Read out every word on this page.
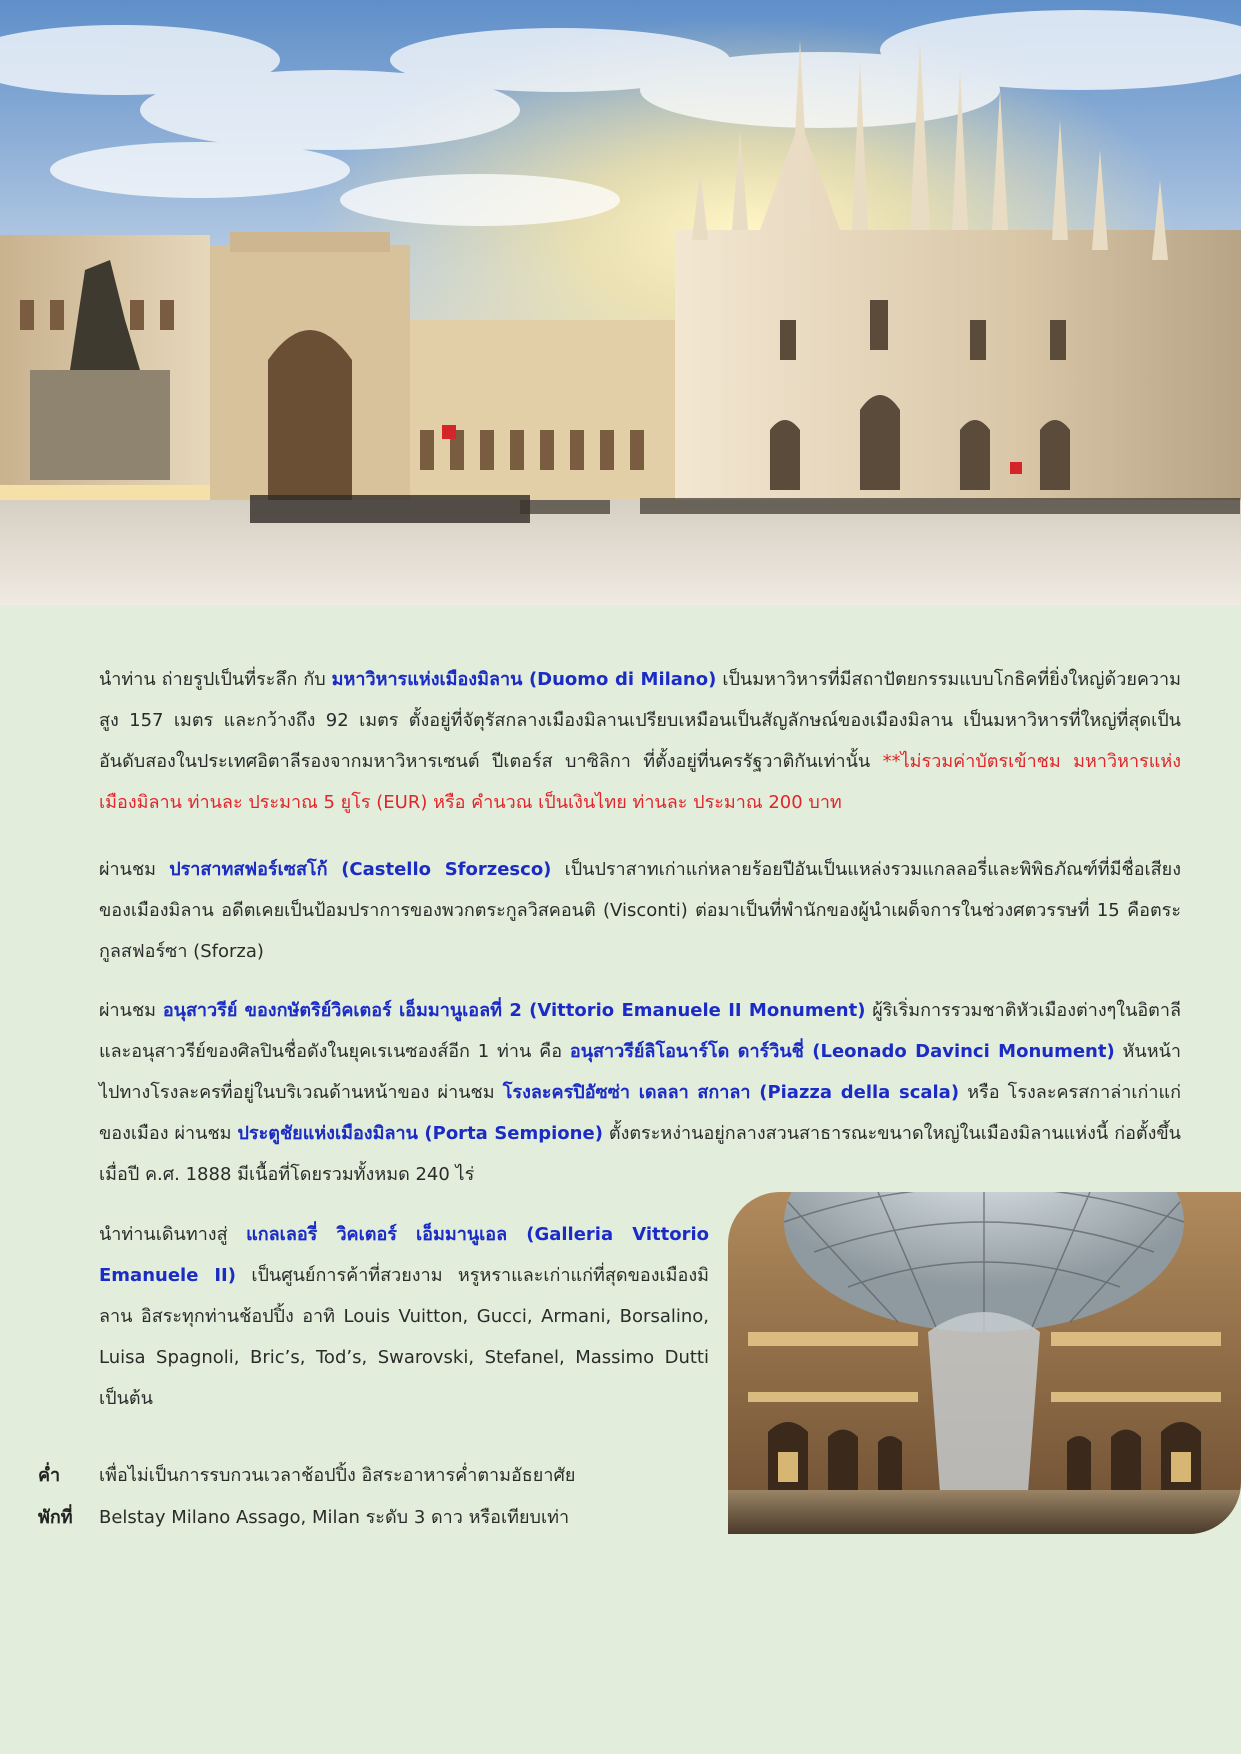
นำท่าน ถ่ายรูปเป็นที่ระลึก กับ มหาวิหารแห่งเมืองมิลาน (Duomo di Milano) เป็นมหาวิหารที่มีสถาปัตยกรรมแบบโกธิคที่ยิ่งใหญ่ด้วยความสูง 157 เมตร และกว้างถึง 92 เมตร ตั้งอยู่ที่จัตุรัสกลางเมืองมิลานเปรียบเหมือนเป็นสัญลักษณ์ของเมืองมิลาน เป็นมหาวิหารที่ใหญ่ที่สุดเป็นอันดับสองในประเทศอิตาลีรองจากมหาวิหารเซนต์ ปีเตอร์ส บาซิลิกา ที่ตั้งอยู่ที่นครรัฐวาติกันเท่านั้น **ไม่รวมค่าบัตรเข้าชม มหาวิหารแห่งเมืองมิลาน ท่านละ ประมาณ 5 ยูโร (EUR) หรือ คำนวณ เป็นเงินไทย ท่านละ ประมาณ 200 บาท

ผ่านชม ปราสาทสฟอร์เซสโก้ (Castello Sforzesco) เป็นปราสาทเก่าแก่หลายร้อยปีอันเป็นแหล่งรวมแกลลอรี่และพิพิธภัณฑ์ที่มีชื่อเสียงของเมืองมิลาน อดีตเคยเป็นป้อมปราการของพวกตระกูลวิสคอนติ (Visconti) ต่อมาเป็นที่พำนักของผู้นำเผด็จการในช่วงศตวรรษที่ 15 คือตระกูลสฟอร์ซา (Sforza)

ผ่านชม อนุสาวรีย์ ของกษัตริย์วิคเตอร์ เอ็มมานูเอลที่ 2 (Vittorio Emanuele II Monument) ผู้ริเริ่มการรวมชาติหัวเมืองต่างๆในอิตาลีและอนุสาวรีย์ของศิลปินชื่อดังในยุคเรเนซองส์อีก 1 ท่าน คือ อนุสาวรีย์ลิโอนาร์โด ดาร์วินชี่ (Leonado Davinci Monument) หันหน้าไปทางโรงละครที่อยู่ในบริเวณด้านหน้าของ ผ่านชม โรงละครปิอัซซ่า เดลลา สกาลา (Piazza della scala) หรือ โรงละครสกาล่าเก่าแก่ของเมือง ผ่านชม ประตูชัยแห่งเมืองมิลาน (Porta Sempione) ตั้งตระหง่านอยู่กลางสวนสาธารณะขนาดใหญ่ในเมืองมิลานแห่งนี้ ก่อตั้งขึ้นเมื่อปี ค.ศ. 1888 มีเนื้อที่โดยรวมทั้งหมด 240 ไร่

นำท่านเดินทางสู่ แกลเลอรี่ วิคเตอร์ เอ็มมานูเอล (Galleria Vittorio Emanuele II) เป็นศูนย์การค้าที่สวยงาม หรูหราและเก่าแก่ที่สุดของเมืองมิลาน อิสระทุกท่านช้อปปิ้ง อาทิ Louis Vuitton, Gucci, Armani, Borsalino, Luisa Spagnoli, Bric’s, Tod’s, Swarovski, Stefanel, Massimo Dutti เป็นต้น

ค่ำ เพื่อไม่เป็นการรบกวนเวลาช้อปปิ้ง อิสระอาหารค่ำตามอัธยาศัย
พักที่ Belstay Milano Assago, Milan ระดับ 3 ดาว หรือเทียบเท่า
